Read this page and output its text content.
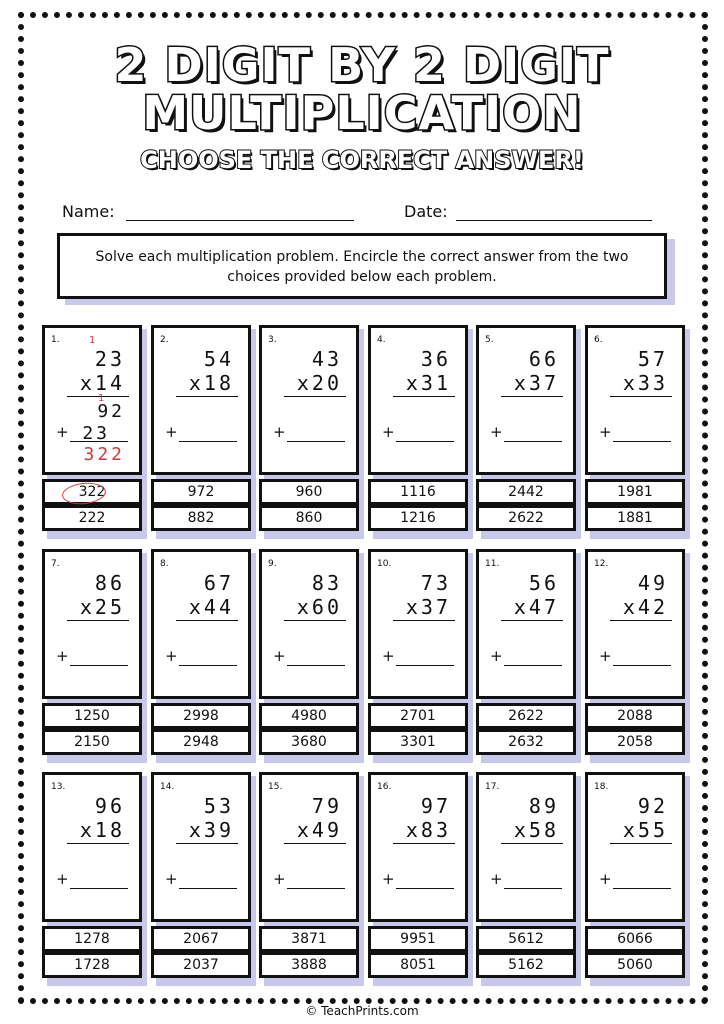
2 DIGIT BY 2 DIGIT
MULTIPLICATION
CHOOSE THE CORRECT ANSWER!
Name:	Date:
Solve each multiplication problem. Encircle the correct answer from the two choices provided below each problem.
1.
23
x14
+
1
1
92
23
322
322
222
2.
54
x18
+
972
882
3.
43
x20
+
960
860
4.
36
x31
+
1116
1216
5.
66
x37
+
2442
2622
6.
57
x33
+
1981
1881
7.
86
x25
+
1250
2150
8.
67
x44
+
2998
2948
9.
83
x60
+
4980
3680
10.
73
x37
+
2701
3301
11.
56
x47
+
2622
2632
12.
49
x42
+
2088
2058
13.
96
x18
+
1278
1728
14.
53
x39
+
2067
2037
15.
79
x49
+
3871
3888
16.
97
x83
+
9951
8051
17.
89
x58
+
5612
5162
18.
92
x55
+
6066
5060
© TeachPrints.com
